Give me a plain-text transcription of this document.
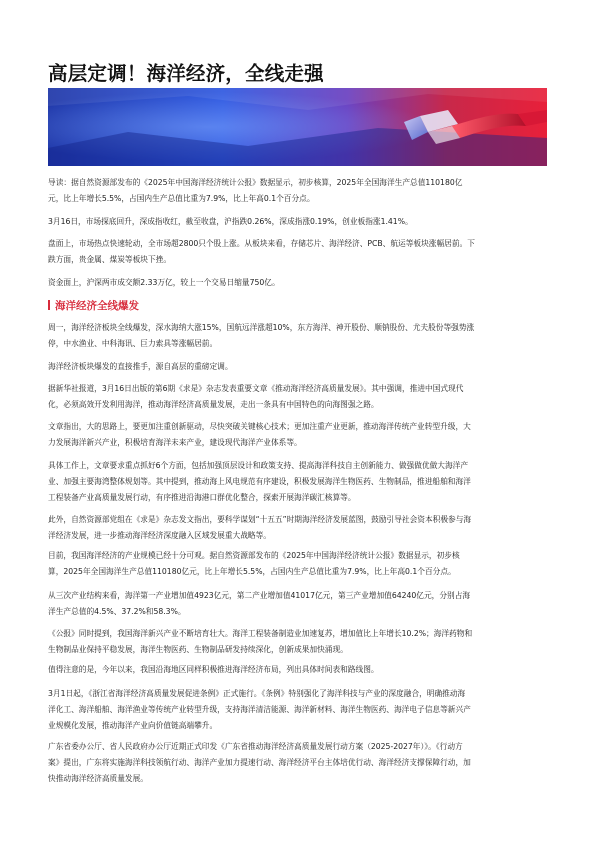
高层定调！海洋经济，全线走强

导读：据自然资源部发布的《2025年中国海洋经济统计公报》数据显示，初步核算，2025年全国海洋生产总值110180亿
元，比上年增长5.5%，占国内生产总值比重为7.9%，比上年高0.1个百分点。

3月16日，市场探底回升，深成指收红，截至收盘，沪指跌0.26%，深成指涨0.19%，创业板指涨1.41%。

盘面上，市场热点快速轮动，全市场超2800只个股上涨。从板块来看，存储芯片、海洋经济、PCB、航运等板块涨幅居前。下
跌方面，贵金属、煤炭等板块下挫。

资金面上，沪深两市成交额2.33万亿，较上一个交易日缩量750亿。

海洋经济全线爆发

周一，海洋经济板块全线爆发，深水海纳大涨15%，国航远洋涨超10%，东方海洋、神开股份、顺钠股份、尤夫股份等强势涨
停，中水渔业、中科海讯、巨力索具等涨幅居前。

海洋经济板块爆发的直接推手，源自高层的重磅定调。

据新华社报道，3月16日出版的第6期《求是》杂志发表重要文章《推动海洋经济高质量发展》。其中强调，推进中国式现代
化，必须高效开发利用海洋，推动海洋经济高质量发展，走出一条具有中国特色的向海图强之路。

文章指出，大的思路上，要更加注重创新驱动，尽快突破关键核心技术；更加注重产业更新，推动海洋传统产业转型升级，大
力发展海洋新兴产业，积极培育海洋未来产业，建设现代海洋产业体系等。

具体工作上，文章要求重点抓好6个方面，包括加强顶层设计和政策支持、提高海洋科技自主创新能力、做强做优做大海洋产
业、加强主要海湾整体规划等。其中提到，推动海上风电规范有序建设，积极发展海洋生物医药、生物制品，推进船舶和海洋
工程装备产业高质量发展行动，有序推进沿海港口群优化整合，探索开展海洋碳汇核算等。

此外，自然资源部党组在《求是》杂志发文指出，要科学谋划“十五五”时期海洋经济发展蓝图，鼓励引导社会资本积极参与海
洋经济发展，进一步推动海洋经济深度融入区域发展重大战略等。

目前，我国海洋经济的产业规模已经十分可观。据自然资源部发布的《2025年中国海洋经济统计公报》数据显示，初步核
算，2025年全国海洋生产总值110180亿元，比上年增长5.5%，占国内生产总值比重为7.9%，比上年高0.1个百分点。

从三次产业结构来看，海洋第一产业增加值4923亿元，第二产业增加值41017亿元，第三产业增加值64240亿元，分别占海
洋生产总值的4.5%、37.2%和58.3%。

《公报》同时提到，我国海洋新兴产业不断培育壮大。海洋工程装备制造业加速复苏，增加值比上年增长10.2%；海洋药物和
生物制品业保持平稳发展，海洋生物医药、生物制品研发持续深化，创新成果加快涌现。

值得注意的是，今年以来，我国沿海地区同样积极推进海洋经济布局，列出具体时间表和路线图。

3月1日起，《浙江省海洋经济高质量发展促进条例》正式施行。《条例》特别强化了海洋科技与产业的深度融合，明确推动海
洋化工、海洋船舶、海洋渔业等传统产业转型升级，支持海洋清洁能源、海洋新材料、海洋生物医药、海洋电子信息等新兴产
业规模化发展，推动海洋产业向价值链高端攀升。

广东省委办公厅、省人民政府办公厅近期正式印发《广东省推动海洋经济高质量发展行动方案（2025-2027年）》。《行动方
案》提出，广东将实施海洋科技领航行动、海洋产业加力提速行动、海洋经济平台主体培优行动、海洋经济支撑保障行动，加
快推动海洋经济高质量发展。
